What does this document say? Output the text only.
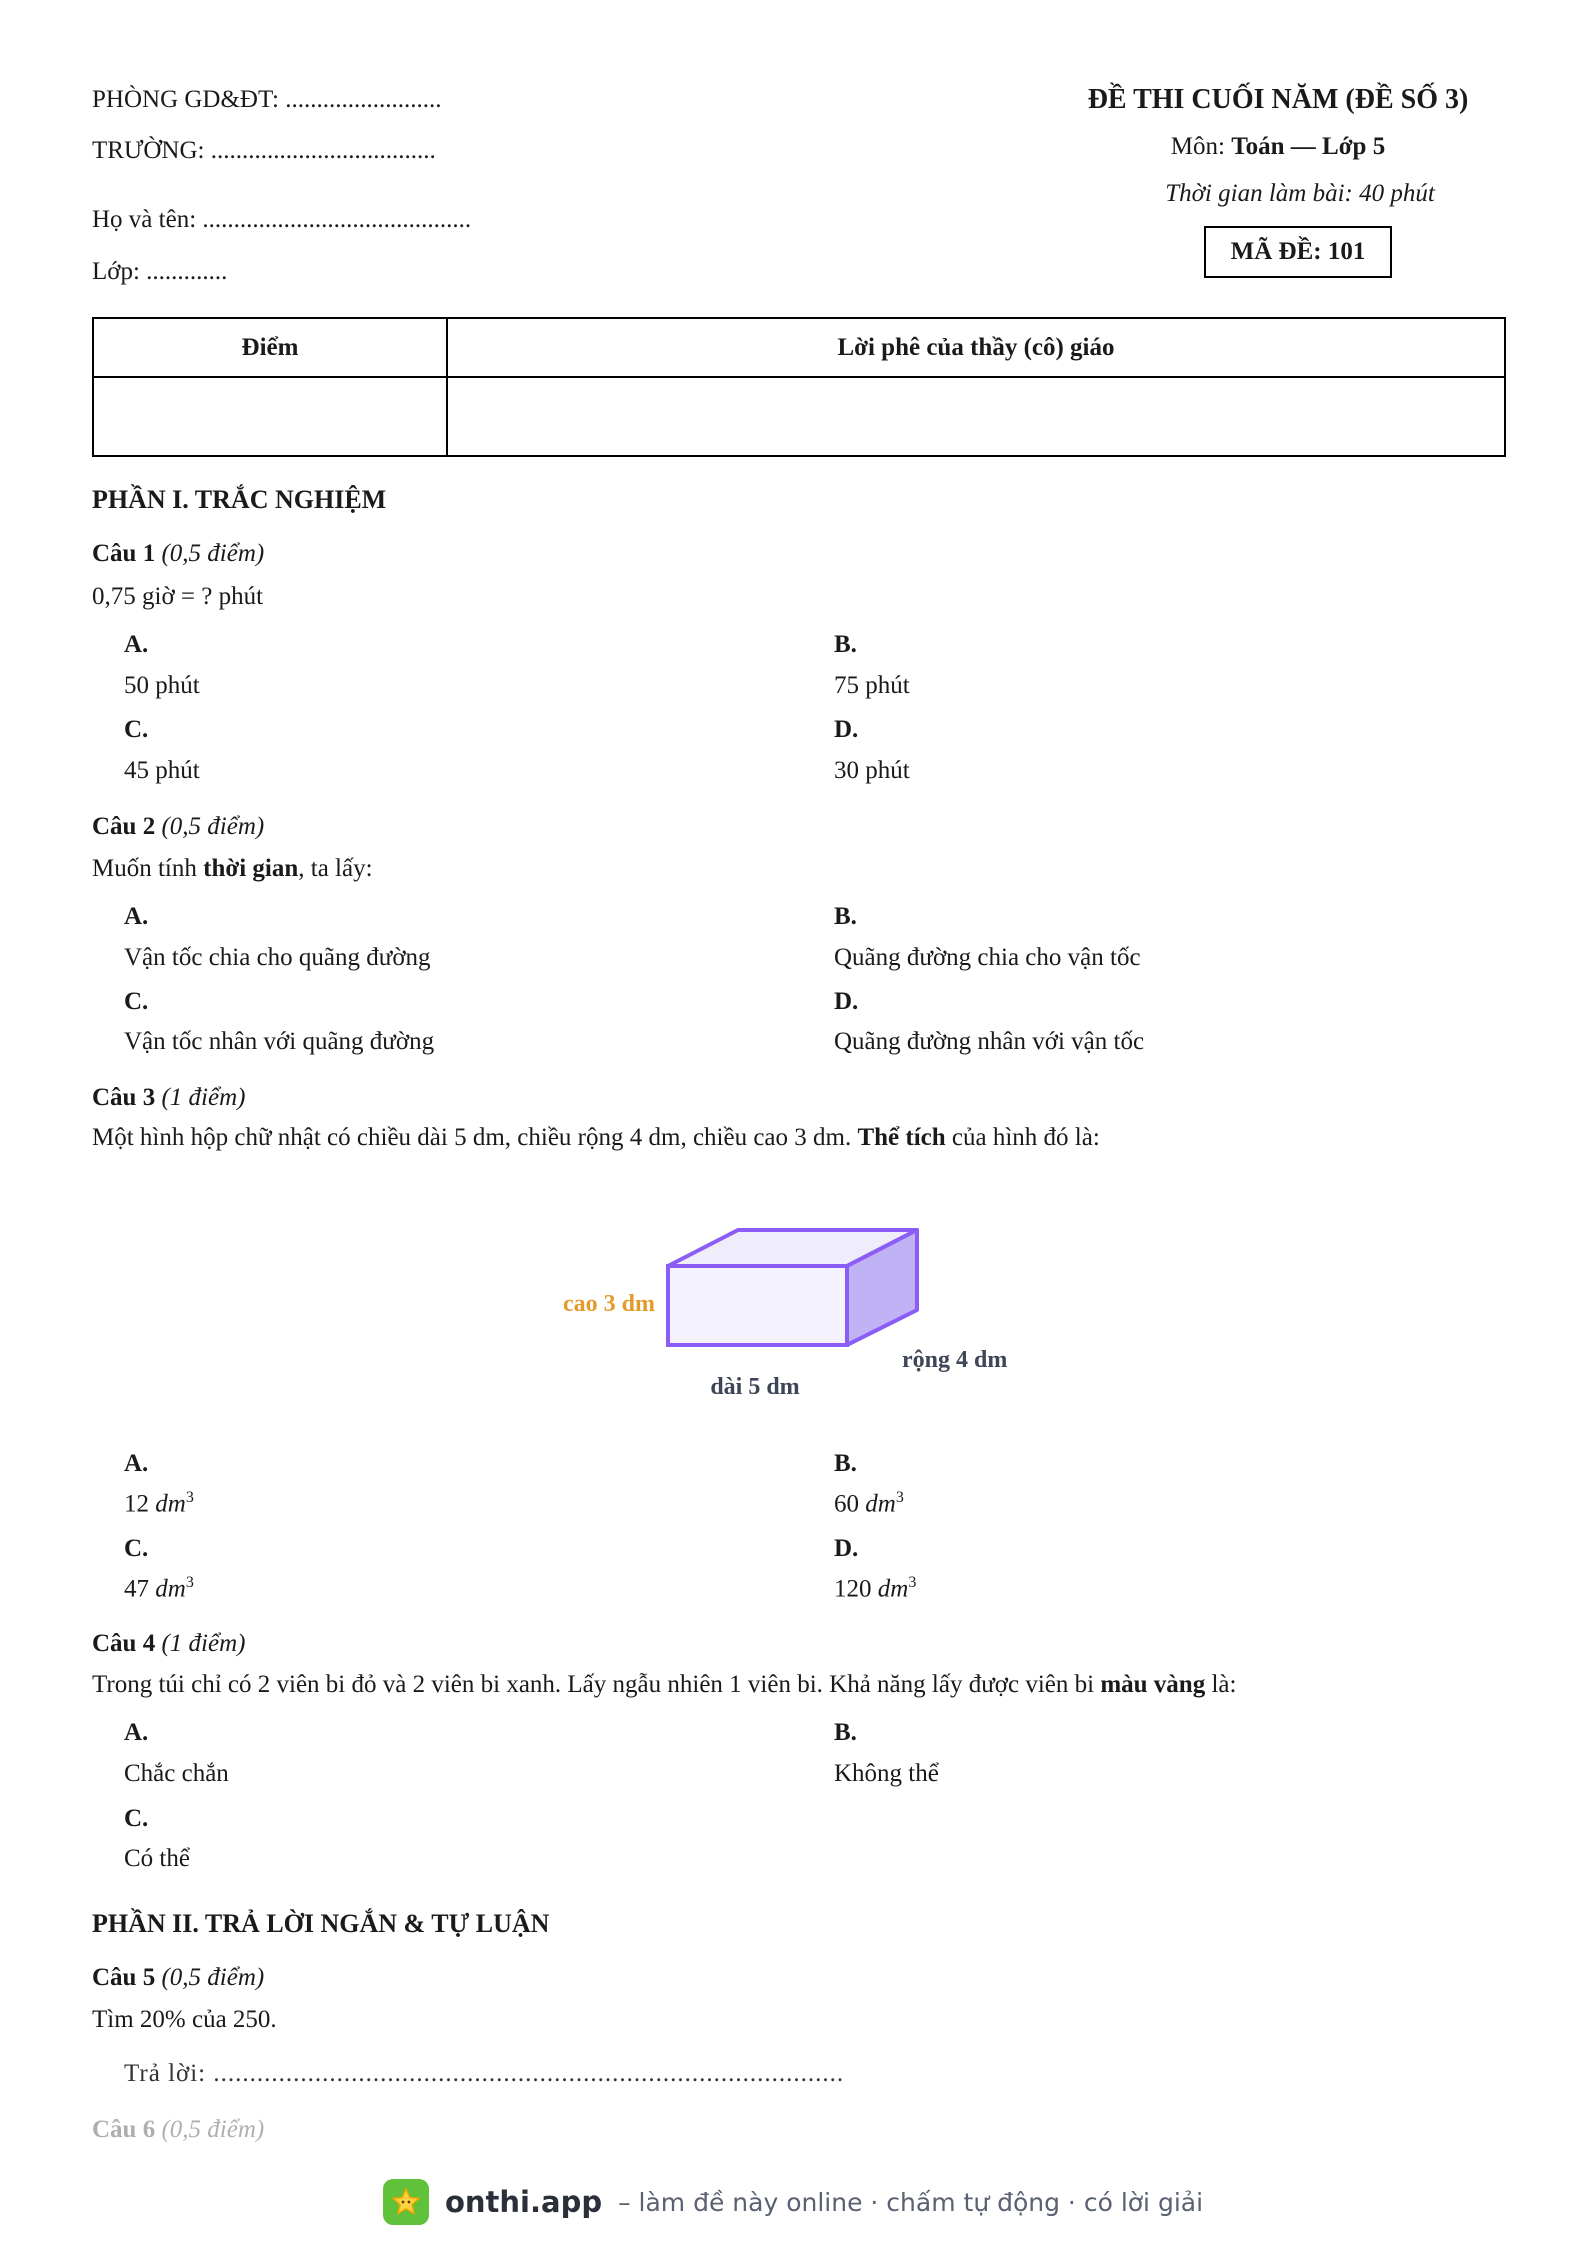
PHÒNG GD&ĐT: .........................
TRƯỜNG: ....................................
Họ và tên: ...........................................
Lớp: .............
ĐỀ THI CUỐI NĂM (ĐỀ SỐ 3)
Môn: Toán — Lớp 5
Thời gian làm bài: 40 phút
MÃ ĐỀ: 101
Điểm	Lời phê của thầy (cô) giáo

PHẦN I. TRẮC NGHIỆM
Câu 1 (0,5 điểm)
0,75 giờ = ? phút
A.
50 phút
B.
75 phút
C.
45 phút
D.
30 phút
Câu 2 (0,5 điểm)
Muốn tính thời gian, ta lấy:
A.
Vận tốc chia cho quãng đường
B.
Quãng đường chia cho vận tốc
C.
Vận tốc nhân với quãng đường
D.
Quãng đường nhân với vận tốc
Câu 3 (1 điểm)
Một hình hộp chữ nhật có chiều dài 5 dm, chiều rộng 4 dm, chiều cao 3 dm. Thể tích của hình đó là:
cao 3 dm
rộng 4 dm
dài 5 dm
A.
12 $dm^3$
B.
60 $dm^3$
C.
47 $dm^3$
D.
120 $dm^3$
Câu 4 (1 điểm)
Trong túi chỉ có 2 viên bi đỏ và 2 viên bi xanh. Lấy ngẫu nhiên 1 viên bi. Khả năng lấy được viên bi màu vàng là:
A.
Chắc chắn
B.
Không thể
C.
Có thể
PHẦN II. TRẢ LỜI NGẮN & TỰ LUẬN
Câu 5 (0,5 điểm)
Tìm 20% của 250.
Trả lời: .......................................................................................
Câu 6 (0,5 điểm)
onthi.app – làm đề này online · chấm tự động · có lời giải
